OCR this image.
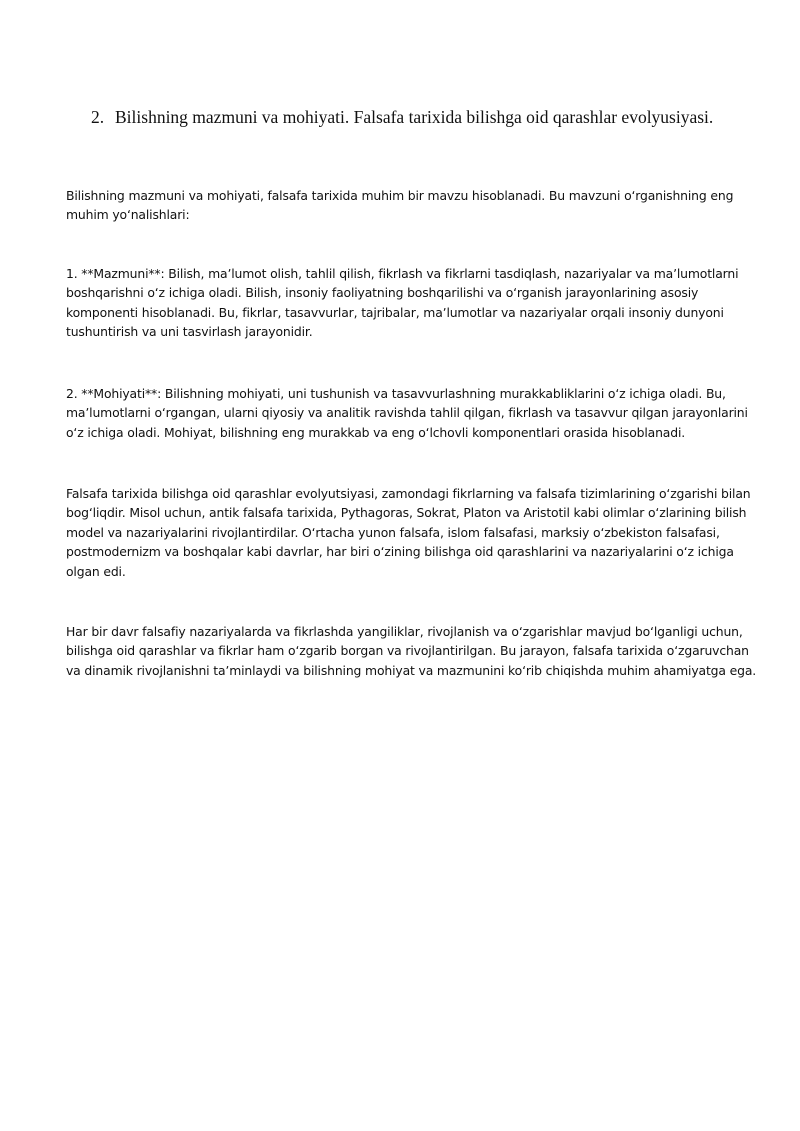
2. Bilishning mazmuni va mohiyati. Falsafa tarixida bilishga oid qarashlar evolyusiyasi.

Bilishning mazmuni va mohiyati, falsafa tarixida muhim bir mavzu hisoblanadi. Bu mavzuni oʻrganishning eng muhim yoʻnalishlari:

1. **Mazmuni**: Bilish, maʼlumot olish, tahlil qilish, fikrlash va fikrlarni tasdiqlash, nazariyalar va maʼlumotlarni boshqarishni oʻz ichiga oladi. Bilish, insoniy faoliyatning boshqarilishi va oʻrganish jarayonlarining asosiy komponenti hisoblanadi. Bu, fikrlar, tasavvurlar, tajribalar, maʼlumotlar va nazariyalar orqali insoniy dunyoni tushuntirish va uni tasvirlash jarayonidir.

2. **Mohiyati**: Bilishning mohiyati, uni tushunish va tasavvurlashning murakkabliklarini oʻz ichiga oladi. Bu, maʼlumotlarni oʻrgangan, ularni qiyosiy va analitik ravishda tahlil qilgan, fikrlash va tasavvur qilgan jarayonlarini oʻz ichiga oladi. Mohiyat, bilishning eng murakkab va eng oʻlchovli komponentlari orasida hisoblanadi.

Falsafa tarixida bilishga oid qarashlar evolyutsiyasi, zamondagi fikrlarning va falsafa tizimlarining oʻzgarishi bilan bogʻliqdir. Misol uchun, antik falsafa tarixida, Pythagoras, Sokrat, Platon va Aristotil kabi olimlar oʻzlarining bilish model va nazariyalarini rivojlantirdilar. Oʻrtacha yunon falsafa, islom falsafasi, marksiy oʻzbekiston falsafasi, postmodernizm va boshqalar kabi davrlar, har biri oʻzining bilishga oid qarashlarini va nazariyalarini oʻz ichiga olgan edi.

Har bir davr falsafiy nazariyalarda va fikrlashda yangiliklar, rivojlanish va oʻzgarishlar mavjud boʻlganligi uchun, bilishga oid qarashlar va fikrlar ham oʻzgarib borgan va rivojlantirilgan. Bu jarayon, falsafa tarixida oʻzgaruvchan va dinamik rivojlanishni taʼminlaydi va bilishning mohiyat va mazmunini koʻrib chiqishda muhim ahamiyatga ega.
